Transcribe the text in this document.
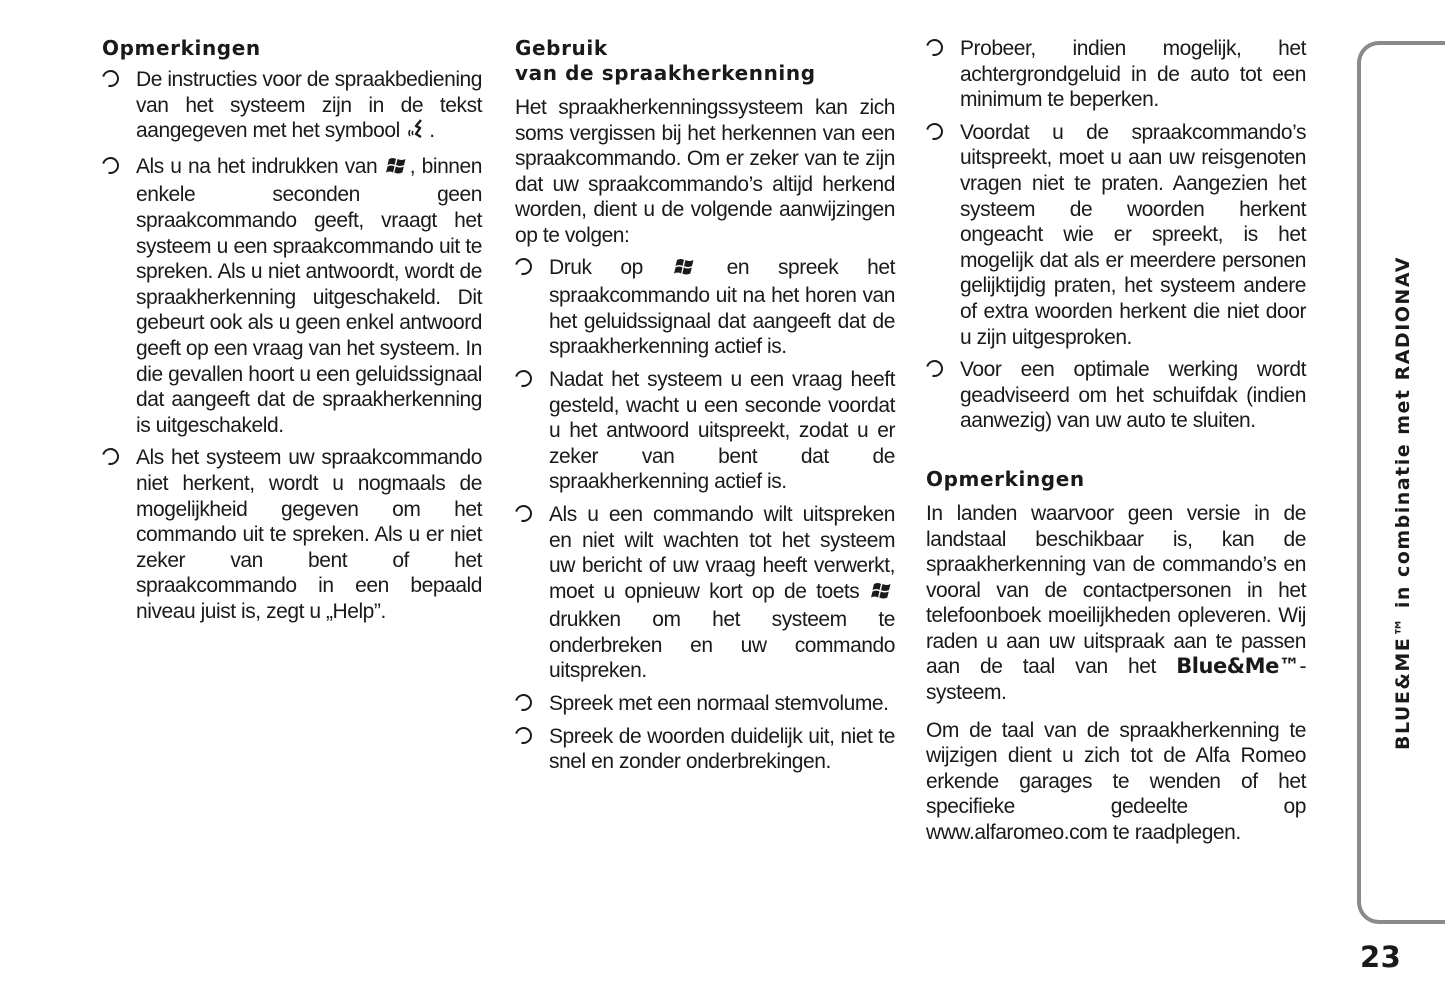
Opmerkingen
De instructies voor de spraakbediening van het systeem zijn in de tekst aangegeven met het symbool .
Als u na het indrukken van , binnen enkele seconden geen spraakcommando geeft, vraagt het systeem u een spraakcommando uit te spreken. Als u niet antwoordt, wordt de spraakherkenning uitgeschakeld. Dit gebeurt ook als u geen enkel antwoord geeft op een vraag van het systeem. In die gevallen hoort u een geluidssignaal dat aangeeft dat de spraakherkenning is uitgeschakeld.
Als het systeem uw spraakcommando niet herkent, wordt u nogmaals de mogelijkheid gegeven om het commando uit te spreken. Als u er niet zeker van bent of het spraakcommando in een bepaald niveau juist is, zegt u „Help”.
Gebruik
van de spraakherkenning

Het spraakherkenningssysteem kan zich soms vergissen bij het herkennen van een spraakcommando. Om er zeker van te zijn dat uw spraakcommando’s altijd herkend worden, dient u de volgende aanwijzingen op te volgen:

Druk op	en spreek het spraakcommando uit na het horen van het geluidssignaal dat aangeeft dat de spraakherkenning actief is.
Nadat het systeem u een vraag heeft gesteld, wacht u een seconde voordat u het antwoord uitspreekt, zodat u er zeker van bent dat de spraakherkenning actief is.
Als u een commando wilt uitspreken en niet wilt wachten tot het systeem uw bericht of uw vraag heeft verwerkt, moet u opnieuw kort op de toets  drukken om het systeem te onderbreken en uw commando uitspreken.
Spreek met een normaal stemvolume.
Spreek de woorden duidelijk uit, niet te snel en zonder onderbrekingen.
Probeer, indien mogelijk, het achtergrondgeluid in de auto tot een minimum te beperken.
Voordat u de spraakcommando’s uitspreekt, moet u aan uw reisgenoten vragen niet te praten. Aangezien het systeem de woorden herkent ongeacht wie er spreekt, is het mogelijk dat als er meerdere personen gelijktijdig praten, het systeem andere of extra woorden herkent die niet door u zijn uitgesproken.
Voor een optimale werking wordt geadviseerd om het schuifdak (indien aanwezig) van uw auto te sluiten.
Opmerkingen

In landen waarvoor geen versie in de landstaal beschikbaar is, kan de spraakherkenning van de commando’s en vooral van de contactpersonen in het telefoonboek moeilijkheden opleveren. Wij raden u aan uw uitspraak aan te passen aan de taal van het Blue&Me™-systeem.

Om de taal van de spraakherkenning te wijzigen dient u zich tot de Alfa Romeo erkende garages te wenden of het specifieke gedeelte op www.alfaromeo.com te raadplegen.

BLUE&ME™ in combinatie met RADIONAV
23
